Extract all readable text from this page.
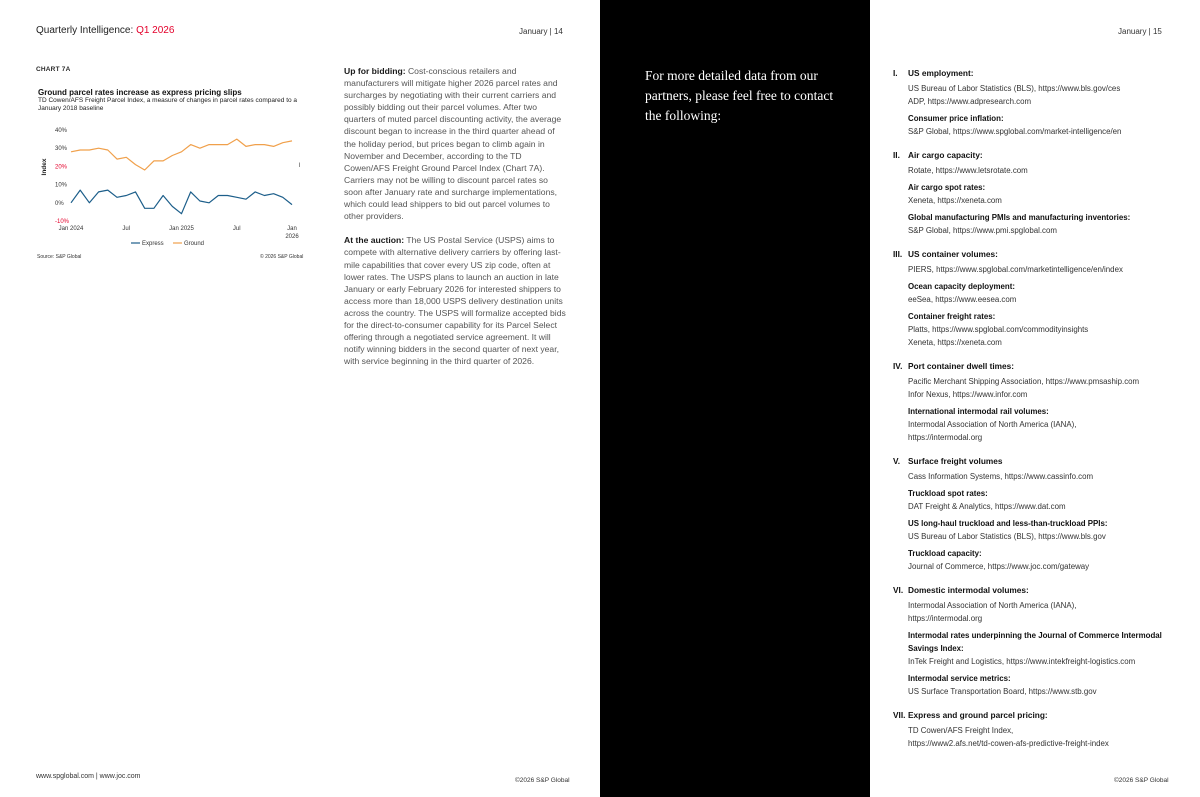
Quarterly Intelligence: Q1 2026	January | 14	January | 15
CHART 7A
Ground parcel rates increase as express pricing slips
TD Cowen/AFS Freight Parcel Index, a measure of changes in parcel rates compared to a January 2018 baseline
Index
40%
30%
20%
10%
0%
-10%
Jan 2024	Jul	Jan 2025	Jul	Jan
2026
l
Express	Ground
Source: S&P Global	© 2026 S&P Global

Up for bidding: Cost-conscious retailers and manufacturers will mitigate higher 2026 parcel rates and surcharges by negotiating with their current carriers and possibly bidding out their parcel volumes. After two quarters of muted parcel discounting activity, the average discount began to increase in the third quarter ahead of the holiday period, but prices began to climb again in November and December, according to the TD Cowen/AFS Freight Ground Parcel Index (Chart 7A). Carriers may not be willing to discount parcel rates so soon after January rate and surcharge implementations, which could lead shippers to bid out parcel volumes to other providers.

At the auction: The US Postal Service (USPS) aims to compete with alternative delivery carriers by offering last-mile capabilities that cover every US zip code, often at lower rates. The USPS plans to launch an auction in late January or early February 2026 for interested shippers to access more than 18,000 USPS delivery destination units across the country. The USPS will formalize accepted bids for the direct-to-consumer capability for its Parcel Select offering through a negotiated service agreement. It will notify winning bidders in the second quarter of next year, with service beginning in the third quarter of 2026.

For more detailed data from our partners, please feel free to contact the following:
I.	US employment:
US Bureau of Labor Statistics (BLS), https://www.bls.gov/ces
ADP, https://www.adpresearch.com
Consumer price inflation:
S&P Global, https://www.spglobal.com/market-intelligence/en
II. Air cargo capacity:
Rotate, https://www.letsrotate.com
Air cargo spot rates:
Xeneta, https://xeneta.com
Global manufacturing PMIs and manufacturing inventories:
S&P Global, https://www.pmi.spglobal.com
III. US container volumes:
PIERS, https://www.spglobal.com/marketintelligence/en/index
Ocean capacity deployment:
eeSea, https://www.eesea.com
Container freight rates:
Platts, https://www.spglobal.com/commodityinsights
Xeneta, https://xeneta.com
IV. Port container dwell times:
Pacific Merchant Shipping Association, https://www.pmsaship.com
Infor Nexus, https://www.infor.com
International intermodal rail volumes:
Intermodal Association of North America (IANA),
https://intermodal.org
V. Surface freight volumes
Cass Information Systems, https://www.cassinfo.com
Truckload spot rates:
DAT Freight & Analytics, https://www.dat.com
US long-haul truckload and less-than-truckload PPIs:
US Bureau of Labor Statistics (BLS), https://www.bls.gov
Truckload capacity:
Journal of Commerce, https://www.joc.com/gateway
VI. Domestic intermodal volumes:
Intermodal Association of North America (IANA),
https://intermodal.org
Intermodal rates underpinning the Journal of Commerce Intermodal Savings Index:
InTek Freight and Logistics, https://www.intekfreight-logistics.com
Intermodal service metrics:
US Surface Transportation Board, https://www.stb.gov
VII. Express and ground parcel pricing:
TD Cowen/AFS Freight Index,
https://www2.afs.net/td-cowen-afs-predictive-freight-index
www.spglobal.com | www.joc.com
©2026 S&P Global	©2026 S&P Global
